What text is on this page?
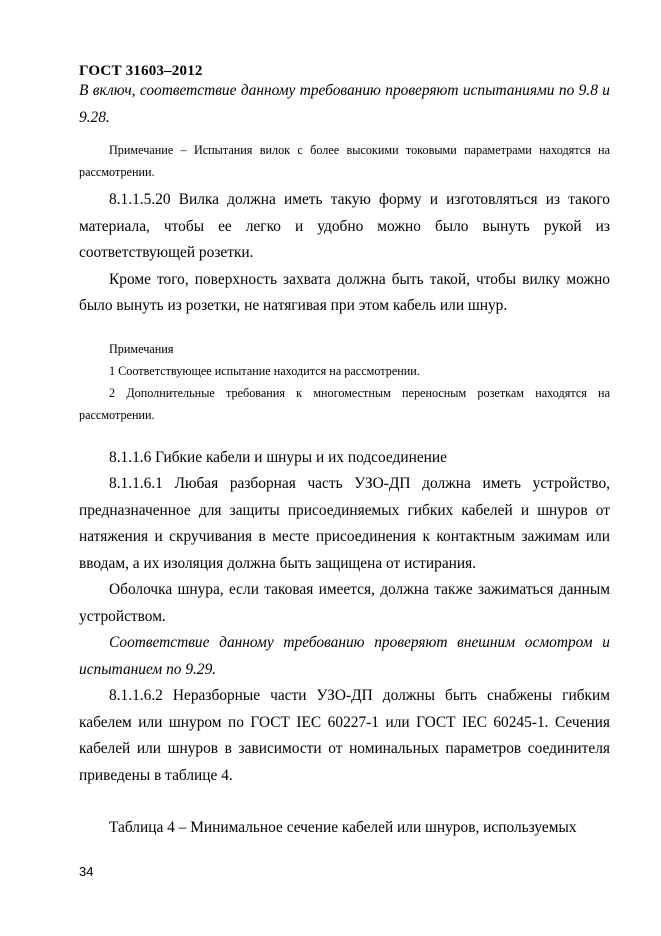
ГОСТ 31603–2012

В включ, соответствие данному требованию проверяют испытаниями по 9.8 и 9.28.

Примечание – Испытания вилок с более высокими токовыми параметрами находятся на рассмотрении.

8.1.1.5.20 Вилка должна иметь такую форму и изготовляться из такого материала, чтобы ее легко и удобно можно было вынуть рукой из соответствующей розетки.

Кроме того, поверхность захвата должна быть такой, чтобы вилку можно было вынуть из розетки, не натягивая при этом кабель или шнур.

Примечания

1 Соответствующее испытание находится на рассмотрении.

2 Дополнительные требования к многоместным переносным розеткам находятся на рассмотрении.

8.1.1.6 Гибкие кабели и шнуры и их подсоединение

8.1.1.6.1 Любая разборная часть УЗО-ДП должна иметь устройство, предназначенное для защиты присоединяемых гибких кабелей и шнуров от натяжения и скручивания в месте присоединения к контактным зажимам или вводам, а их изоляция должна быть защищена от истирания.

Оболочка шнура, если таковая имеется, должна также зажиматься данным устройством.

Соответствие данному требованию проверяют внешним осмотром и испытанием по 9.29.

8.1.1.6.2 Неразборные части УЗО-ДП должны быть снабжены гибким кабелем или шнуром по ГОСТ IEC 60227-1 или ГОСТ IEC 60245-1. Сечения кабелей или шнуров в зависимости от номинальных параметров соединителя приведены в таблице 4.

Таблица 4 – Минимальное сечение кабелей или шнуров, используемых

34
